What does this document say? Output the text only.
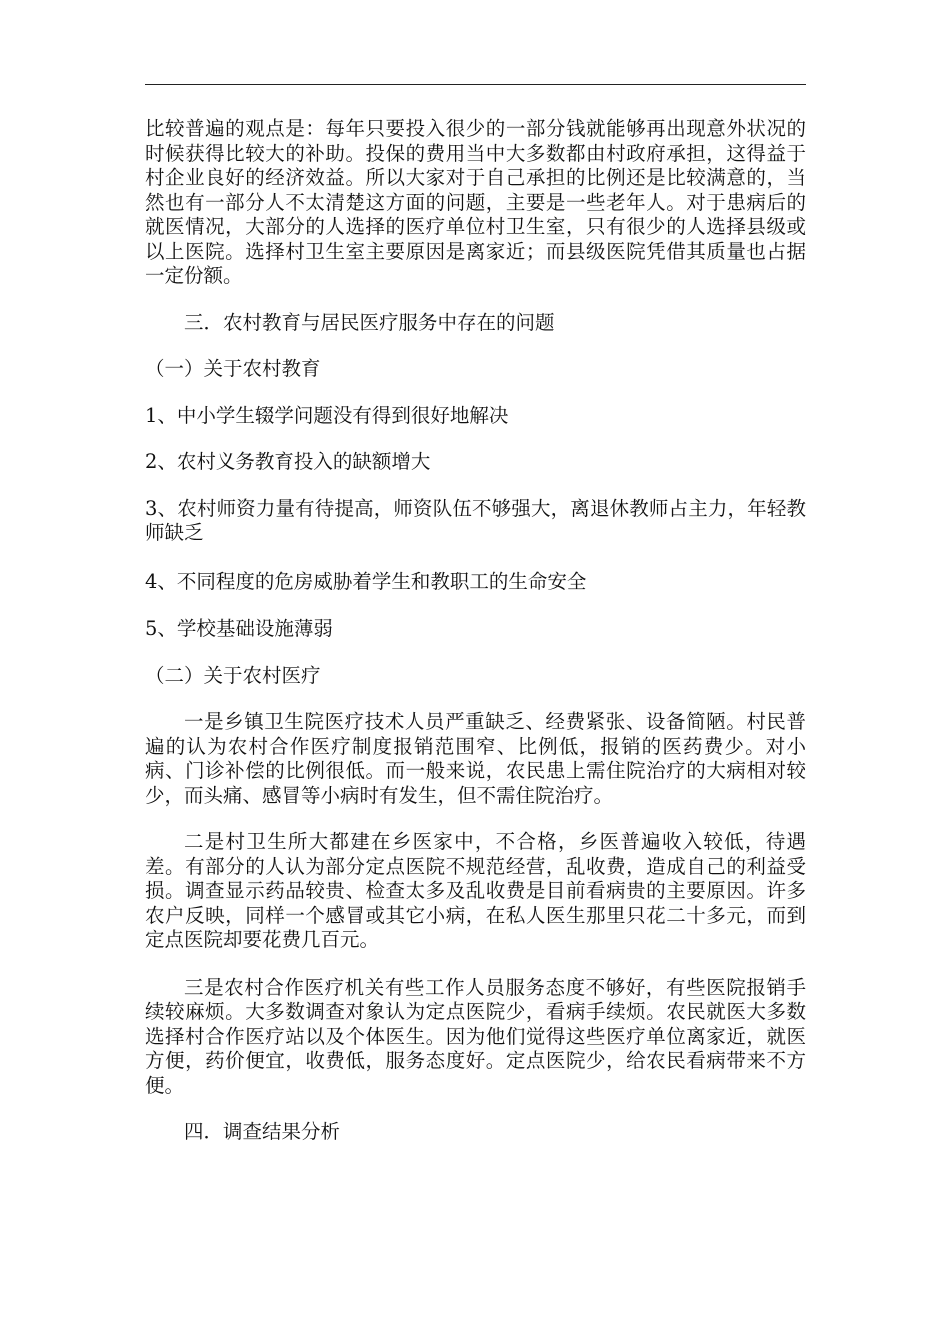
比较普遍的观点是：每年只要投入很少的一部分钱就能够再出现意外状况的时候获得比较大的补助。投保的费用当中大多数都由村政府承担，这得益于村企业良好的经济效益。所以大家对于自己承担的比例还是比较满意的，当然也有一部分人不太清楚这方面的问题，主要是一些老年人。对于患病后的就医情况，大部分的人选择的医疗单位村卫生室，只有很少的人选择县级或以上医院。选择村卫生室主要原因是离家近；而县级医院凭借其质量也占据一定份额。

三．农村教育与居民医疗服务中存在的问题

（一）关于农村教育

1、中小学生辍学问题没有得到很好地解决

2、农村义务教育投入的缺额增大

3、农村师资力量有待提高，师资队伍不够强大，离退休教师占主力，年轻教师缺乏

4、不同程度的危房威胁着学生和教职工的生命安全

5、学校基础设施薄弱

（二）关于农村医疗

一是乡镇卫生院医疗技术人员严重缺乏、经费紧张、设备简陋。村民普遍的认为农村合作医疗制度报销范围窄、比例低，报销的医药费少。对小病、门诊补偿的比例很低。而一般来说，农民患上需住院治疗的大病相对较少，而头痛、感冒等小病时有发生，但不需住院治疗。

二是村卫生所大都建在乡医家中，不合格，乡医普遍收入较低，待遇差。有部分的人认为部分定点医院不规范经营，乱收费，造成自己的利益受损。调查显示药品较贵、检查太多及乱收费是目前看病贵的主要原因。许多农户反映，同样一个感冒或其它小病，在私人医生那里只花二十多元，而到定点医院却要花费几百元。

三是农村合作医疗机关有些工作人员服务态度不够好，有些医院报销手续较麻烦。大多数调查对象认为定点医院少，看病手续烦。农民就医大多数选择村合作医疗站以及个体医生。因为他们觉得这些医疗单位离家近，就医方便，药价便宜，收费低，服务态度好。定点医院少，给农民看病带来不方便。

四．调查结果分析
